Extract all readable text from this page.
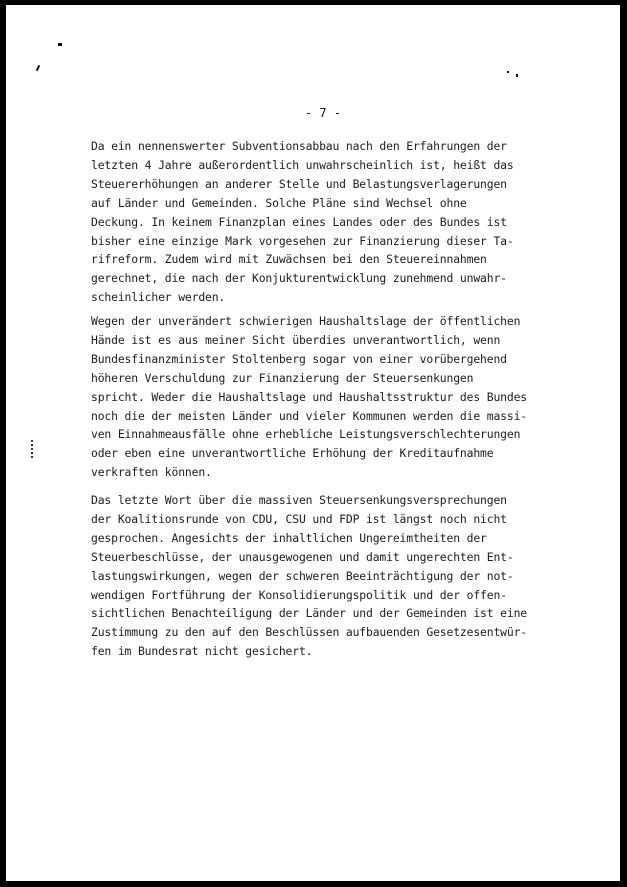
- 7 -
Da ein nennenswerter Subventionsabbau nach den Erfahrungen der
letzten 4 Jahre außerordentlich unwahrscheinlich ist, heißt das
Steuererhöhungen an anderer Stelle und Belastungsverlagerungen
auf Länder und Gemeinden. Solche Pläne sind Wechsel ohne
Deckung. In keinem Finanzplan eines Landes oder des Bundes ist
bisher eine einzige Mark vorgesehen zur Finanzierung dieser Ta-
rifreform. Zudem wird mit Zuwächsen bei den Steuereinnahmen
gerechnet, die nach der Konjukturentwicklung zunehmend unwahr-
scheinlicher werden.
Wegen der unverändert schwierigen Haushaltslage der öffentlichen
Hände ist es aus meiner Sicht überdies unverantwortlich, wenn
Bundesfinanzminister Stoltenberg sogar von einer vorübergehend
höheren Verschuldung zur Finanzierung der Steuersenkungen
spricht. Weder die Haushaltslage und Haushaltsstruktur des Bundes
noch die der meisten Länder und vieler Kommunen werden die massi-
ven Einnahmeausfälle ohne erhebliche Leistungsverschlechterungen
oder eben eine unverantwortliche Erhöhung der Kreditaufnahme
verkraften können.
Das letzte Wort über die massiven Steuersenkungsversprechungen
der Koalitionsrunde von CDU, CSU und FDP ist längst noch nicht
gesprochen. Angesichts der inhaltlichen Ungereimtheiten der
Steuerbeschlüsse, der unausgewogenen und damit ungerechten Ent-
lastungswirkungen, wegen der schweren Beeinträchtigung der not-
wendigen Fortführung der Konsolidierungspolitik und der offen-
sichtlichen Benachteiligung der Länder und der Gemeinden ist eine
Zustimmung zu den auf den Beschlüssen aufbauenden Gesetzesentwür-
fen im Bundesrat nicht gesichert.
